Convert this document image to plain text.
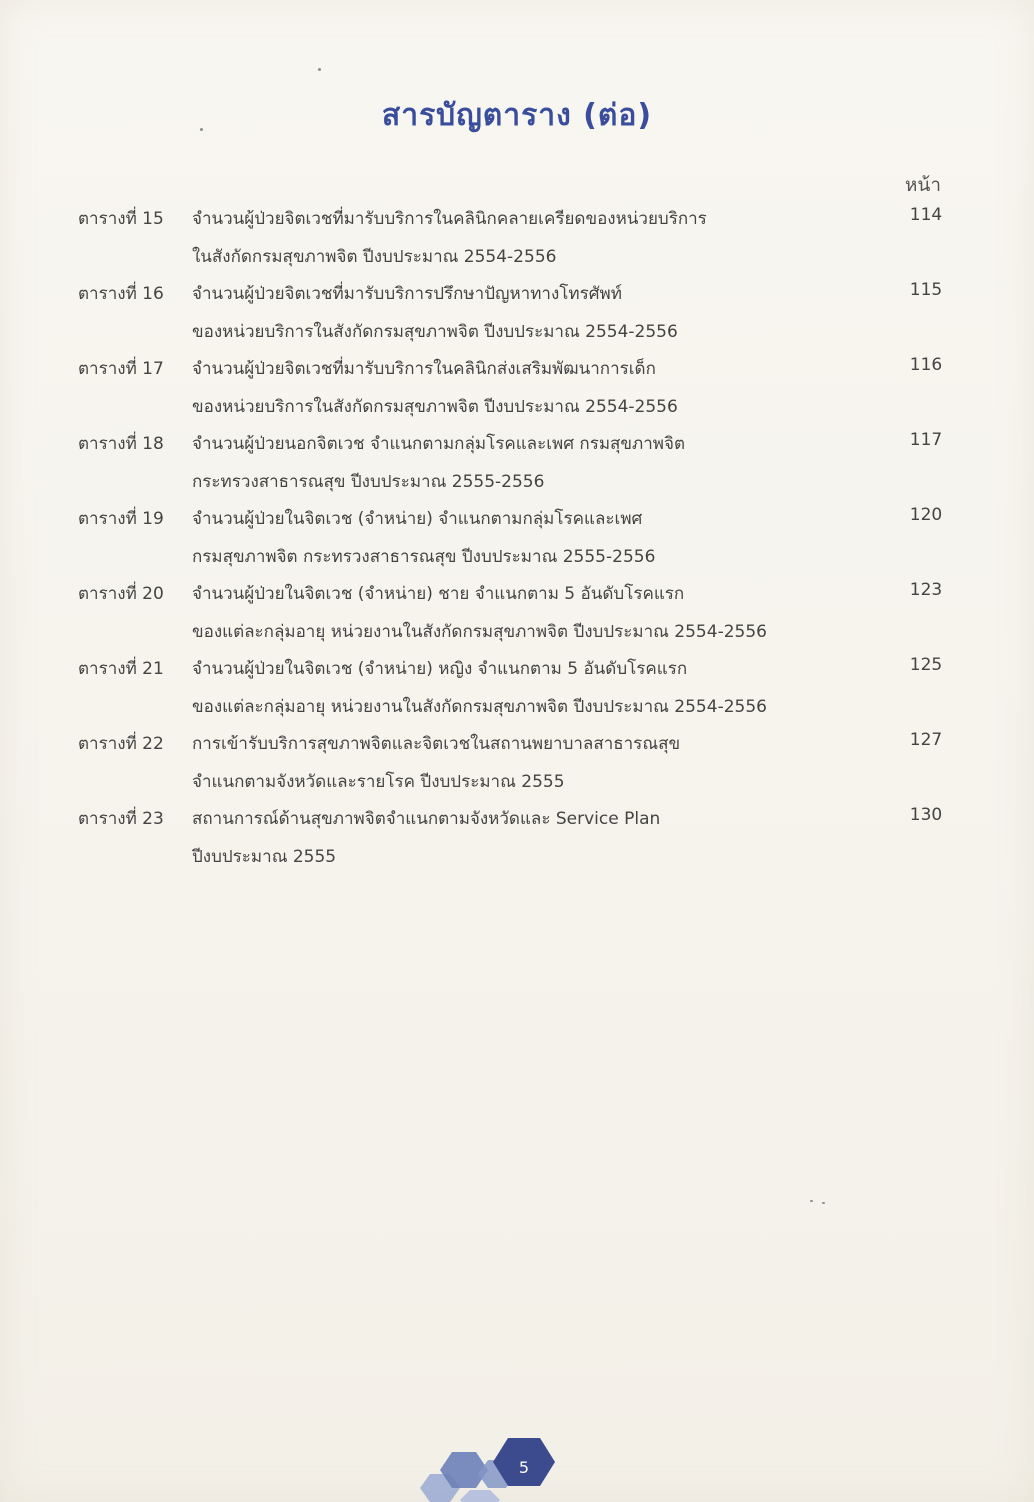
สารบัญตาราง (ต่อ)
หน้า
ตารางที่ 15 จำนวนผู้ป่วยจิตเวชที่มารับบริการในคลินิกคลายเครียดของหน่วยบริการ
ในสังกัดกรมสุขภาพจิต ปีงบประมาณ 2554-2556
114
ตารางที่ 16 จำนวนผู้ป่วยจิตเวชที่มารับบริการปรึกษาปัญหาทางโทรศัพท์
ของหน่วยบริการในสังกัดกรมสุขภาพจิต ปีงบประมาณ 2554-2556
115
ตารางที่ 17 จำนวนผู้ป่วยจิตเวชที่มารับบริการในคลินิกส่งเสริมพัฒนาการเด็ก
ของหน่วยบริการในสังกัดกรมสุขภาพจิต ปีงบประมาณ 2554-2556
116
ตารางที่ 18 จำนวนผู้ป่วยนอกจิตเวช จำแนกตามกลุ่มโรคและเพศ กรมสุขภาพจิต
กระทรวงสาธารณสุข ปีงบประมาณ 2555-2556
117
ตารางที่ 19 จำนวนผู้ป่วยในจิตเวช (จำหน่าย) จำแนกตามกลุ่มโรคและเพศ
กรมสุขภาพจิต กระทรวงสาธารณสุข ปีงบประมาณ 2555-2556
120
ตารางที่ 20 จำนวนผู้ป่วยในจิตเวช (จำหน่าย) ชาย จำแนกตาม 5 อันดับโรคแรก
ของแต่ละกลุ่มอายุ หน่วยงานในสังกัดกรมสุขภาพจิต ปีงบประมาณ 2554-2556
123
ตารางที่ 21 จำนวนผู้ป่วยในจิตเวช (จำหน่าย) หญิง จำแนกตาม 5 อันดับโรคแรก
ของแต่ละกลุ่มอายุ หน่วยงานในสังกัดกรมสุขภาพจิต ปีงบประมาณ 2554-2556
125
ตารางที่ 22 การเข้ารับบริการสุขภาพจิตและจิตเวชในสถานพยาบาลสาธารณสุข
จำแนกตามจังหวัดและรายโรค ปีงบประมาณ 2555
127
ตารางที่ 23 สถานการณ์ด้านสุขภาพจิตจำแนกตามจังหวัดและ Service Plan
ปีงบประมาณ 2555
130
5
